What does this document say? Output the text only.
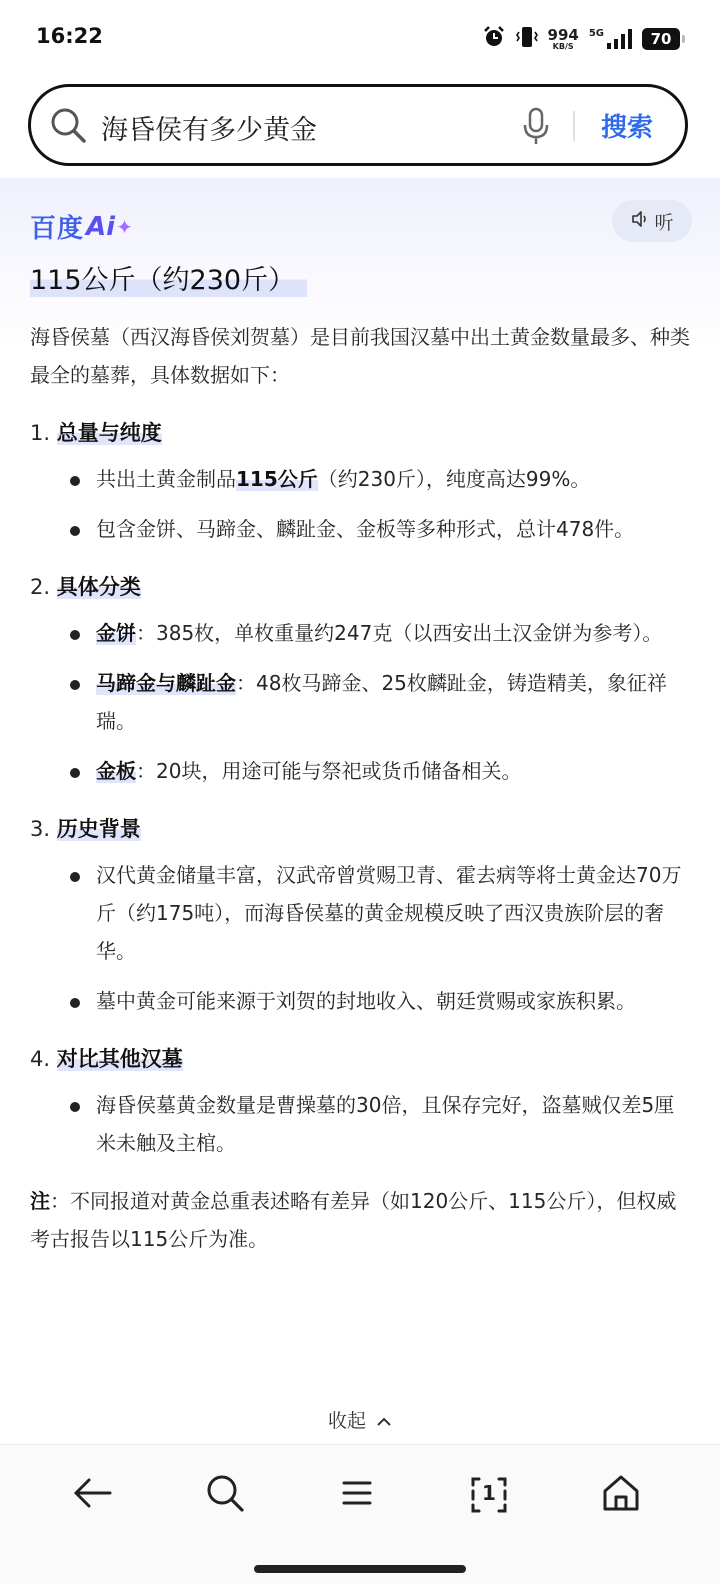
16:22	994
KB/S
5G	70
海昏侯有多少黄金
搜索
百度 Ai ✦	听
115公斤（约230斤）

海昏侯墓（西汉海昏侯刘贺墓）是目前我国汉墓中出土黄金数量最多、种类最全的墓葬，具体数据如下：

1. 总量与纯度
共出土黄金制品115公斤（约230斤），纯度高达99%。
包含金饼、马蹄金、麟趾金、金板等多种形式，总计478件。
2. 具体分类
金饼：385枚，单枚重量约247克（以西安出土汉金饼为参考）。
马蹄金与麟趾金：48枚马蹄金、25枚麟趾金，铸造精美，象征祥瑞。
金板：20块，用途可能与祭祀或货币储备相关。
3. 历史背景
汉代黄金储量丰富，汉武帝曾赏赐卫青、霍去病等将士黄金达70万斤（约175吨），而海昏侯墓的黄金规模反映了西汉贵族阶层的奢华。
墓中黄金可能来源于刘贺的封地收入、朝廷赏赐或家族积累。
4. 对比其他汉墓
海昏侯墓黄金数量是曹操墓的30倍，且保存完好，盗墓贼仅差5厘米未触及主棺。

注：不同报道对黄金总重表述略有差异（如120公斤、115公斤），但权威考古报告以115公斤为准。

收起
1
